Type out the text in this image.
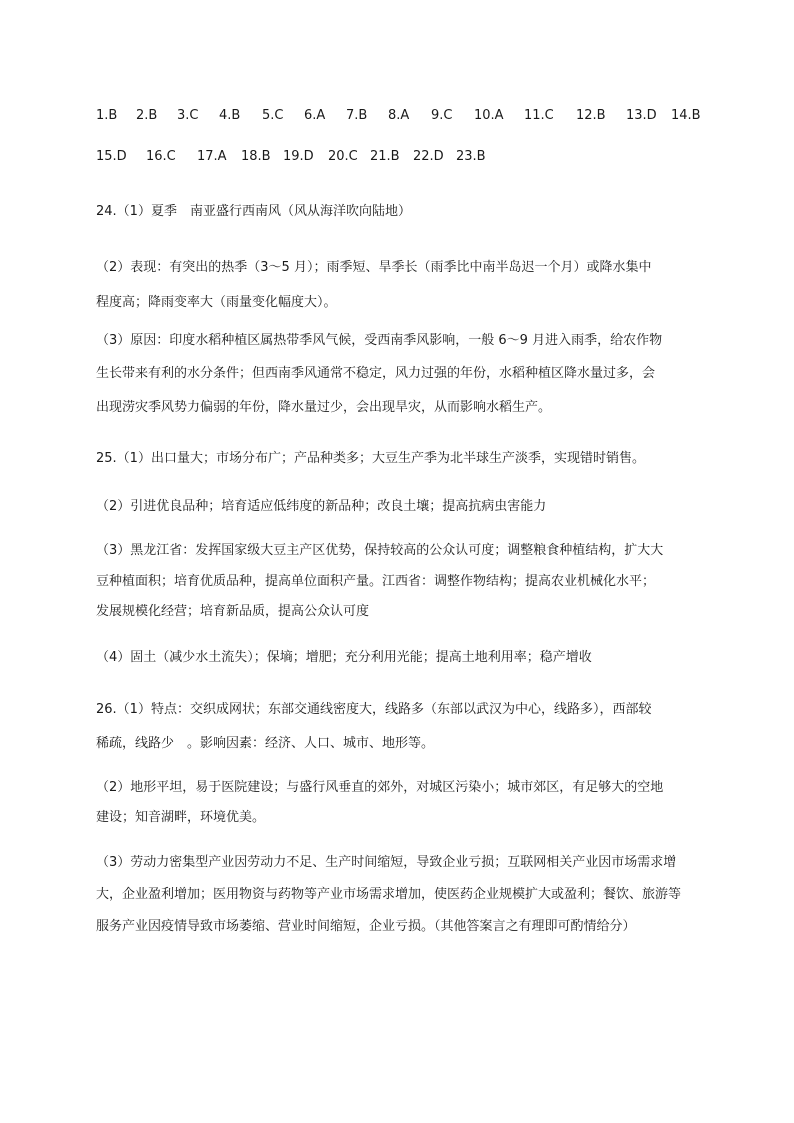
1.B 2.B 3.C 4.B 5.C 6.A 7.B 8.A 9.C 10.A 11.C 12.B 13.D 14.B
15.D 16.C 17.A 18.B 19.D 20.C 21.B 22.D 23.B
24.（1）夏季　南亚盛行西南风（风从海洋吹向陆地）
（2）表现：有突出的热季（3～5 月）；雨季短、旱季长（雨季比中南半岛迟一个月）或降水集中
程度高；降雨变率大（雨量变化幅度大）。
（3）原因：印度水稻种植区属热带季风气候，受西南季风影响，一般 6～9 月进入雨季，给农作物
生长带来有利的水分条件；但西南季风通常不稳定，风力过强的年份，水稻种植区降水量过多，会
出现涝灾季风势力偏弱的年份，降水量过少，会出现旱灾，从而影响水稻生产。
25.（1）出口量大；市场分布广；产品种类多；大豆生产季为北半球生产淡季，实现错时销售。
（2）引进优良品种；培育适应低纬度的新品种；改良土壤；提高抗病虫害能力
（3）黑龙江省：发挥国家级大豆主产区优势，保持较高的公众认可度；调整粮食种植结构，扩大大
豆种植面积；培育优质品种，提高单位面积产量。江西省：调整作物结构；提高农业机械化水平；
发展规模化经营；培育新品质，提高公众认可度
（4）固土（减少水土流失）；保墒；增肥；充分利用光能；提高土地利用率；稳产增收
26.（1）特点：交织成网状；东部交通线密度大，线路多（东部以武汉为中心，线路多），西部较
稀疏，线路少　。影响因素：经济、人口、城市、地形等。
（2）地形平坦，易于医院建设；与盛行风垂直的郊外，对城区污染小；城市郊区，有足够大的空地
建设；知音湖畔，环境优美。
（3）劳动力密集型产业因劳动力不足、生产时间缩短，导致企业亏损；互联网相关产业因市场需求增
大，企业盈利增加；医用物资与药物等产业市场需求增加，使医药企业规模扩大或盈利；餐饮、旅游等
服务产业因疫情导致市场萎缩、营业时间缩短，企业亏损。（其他答案言之有理即可酌情给分）
